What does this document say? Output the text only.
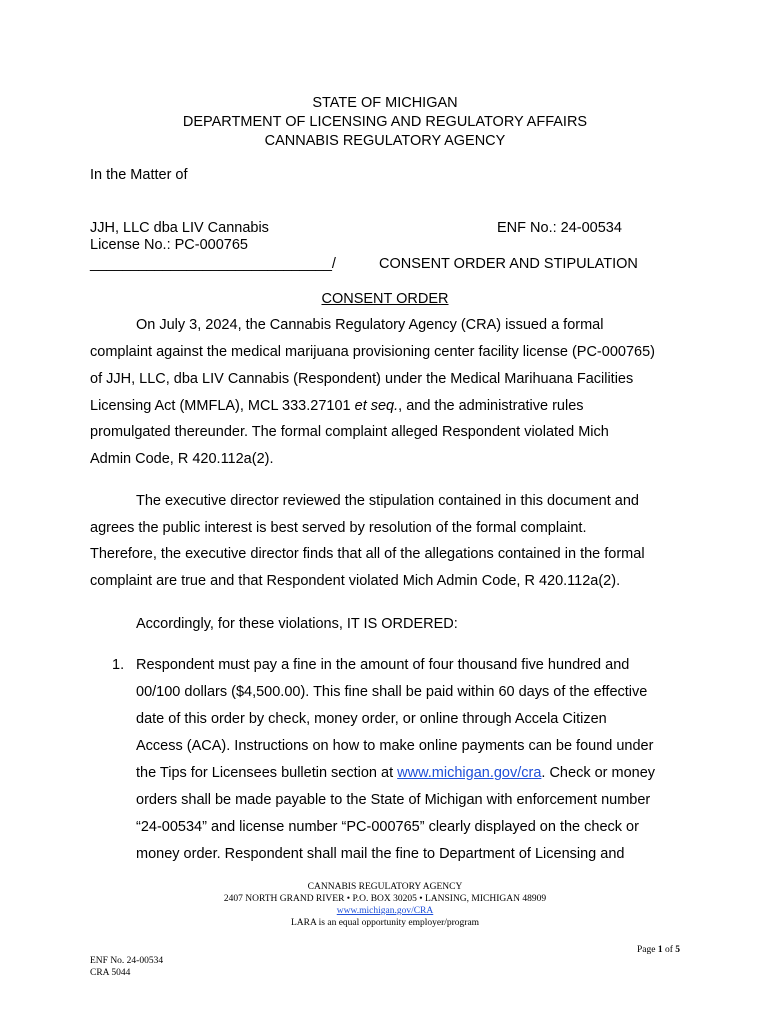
STATE OF MICHIGAN
DEPARTMENT OF LICENSING AND REGULATORY AFFAIRS
CANNABIS REGULATORY AGENCY
In the Matter of
JJH, LLC dba LIV Cannabis
License No.: PC-000765
______________________________/
ENF No.: 24-00534
CONSENT ORDER AND STIPULATION
CONSENT ORDER
On July 3, 2024, the Cannabis Regulatory Agency (CRA) issued a formal
complaint against the medical marijuana provisioning center facility license (PC-000765)
of JJH, LLC, dba LIV Cannabis (Respondent) under the Medical Marihuana Facilities
Licensing Act (MMFLA), MCL 333.27101 et seq., and the administrative rules
promulgated thereunder. The formal complaint alleged Respondent violated Mich
Admin Code, R 420.112a(2).
The executive director reviewed the stipulation contained in this document and
agrees the public interest is best served by resolution of the formal complaint.
Therefore, the executive director finds that all of the allegations contained in the formal
complaint are true and that Respondent violated Mich Admin Code, R 420.112a(2).
Accordingly, for these violations, IT IS ORDERED:
1. Respondent must pay a fine in the amount of four thousand five hundred and
00/100 dollars ($4,500.00). This fine shall be paid within 60 days of the effective
date of this order by check, money order, or online through Accela Citizen
Access (ACA). Instructions on how to make online payments can be found under
the Tips for Licensees bulletin section at www.michigan.gov/cra. Check or money
orders shall be made payable to the State of Michigan with enforcement number
“24-00534” and license number “PC-000765” clearly displayed on the check or
money order. Respondent shall mail the fine to Department of Licensing and
CANNABIS REGULATORY AGENCY
2407 NORTH GRAND RIVER • P.O. BOX 30205 • LANSING, MICHIGAN 48909
www.michigan.gov/CRA
LARA is an equal opportunity employer/program
Page 1 of 5
ENF No. 24-00534
CRA 5044
